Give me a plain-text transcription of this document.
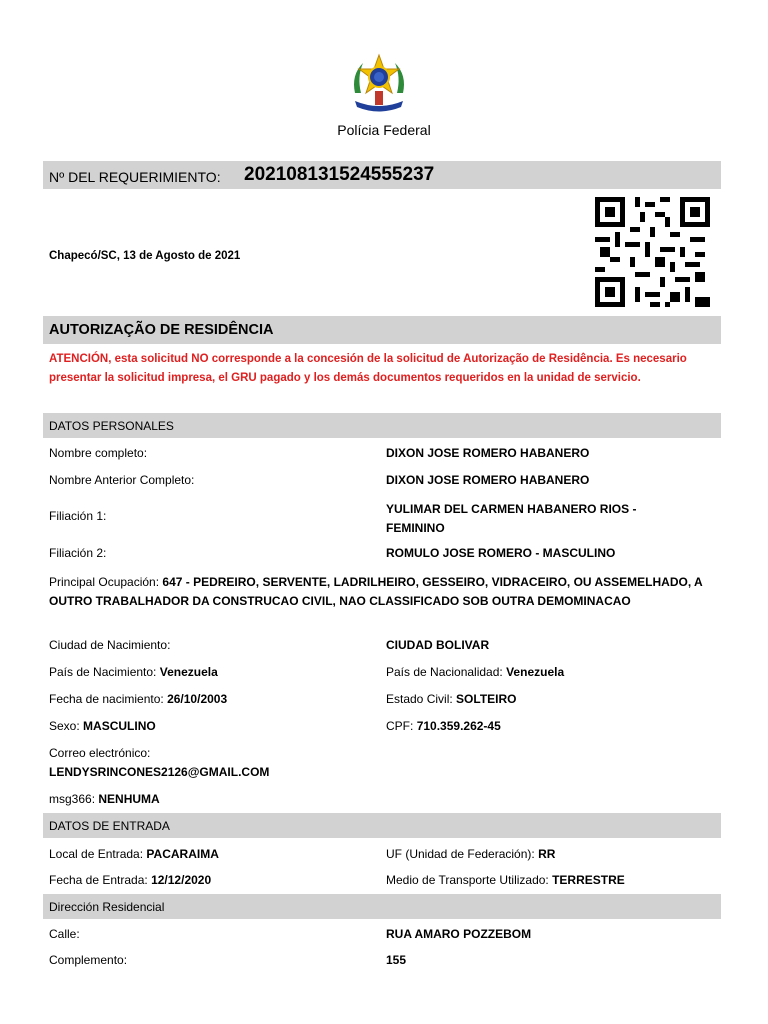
Polícia Federal
Nº DEL REQUERIMIENTO: 202108131524555237
Chapecó/SC, 13 de Agosto de 2021
AUTORIZAÇÃO DE RESIDÊNCIA
ATENCIÓN, esta solicitud NO corresponde a la concesión de la solicitud de Autorização de Residência. Es necesario presentar la solicitud impresa, el GRU pagado y los demás documentos requeridos en la unidad de servicio.
DATOS PERSONALES
Nombre completo:	DIXON JOSE ROMERO HABANERO
Nombre Anterior Completo:	DIXON JOSE ROMERO HABANERO
Filiación 1:	YULIMAR DEL CARMEN HABANERO RIOS - FEMININO
Filiación 2:	ROMULO JOSE ROMERO - MASCULINO
Principal Ocupación: 647 - PEDREIRO, SERVENTE, LADRILHEIRO, GESSEIRO, VIDRACEIRO, OU ASSEMELHADO, A OUTRO TRABALHADOR DA CONSTRUCAO CIVIL, NAO CLASSIFICADO SOB OUTRA DEMOMINACAO
Ciudad de Nacimiento:	CIUDAD BOLIVAR
País de Nacimiento: Venezuela	País de Nacionalidad: Venezuela
Fecha de nacimiento: 26/10/2003	Estado Civil: SOLTEIRO
Sexo: MASCULINO	CPF: 710.359.262-45
Correo electrónico:
LENDYSRINCONES2126@GMAIL.COM
msg366: NENHUMA
DATOS DE ENTRADA
Local de Entrada: PACARAIMA	UF (Unidad de Federación): RR
Fecha de Entrada: 12/12/2020	Medio de Transporte Utilizado: TERRESTRE
Dirección Residencial
Calle:	RUA AMARO POZZEBOM
Complemento:	155
